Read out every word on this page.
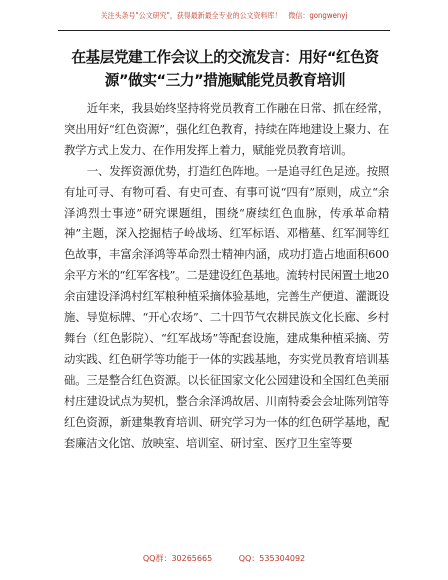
关注头条号"公文研究"，获得最新最全专业的公文资料库！　微信：gongwenyj
在基层党建工作会议上的交流发言：用好“红色资源”做实“三力”措施赋能党员教育培训

近年来，我县始终坚持将党员教育工作融在日常、抓在经常，突出用好“红色资源”，强化红色教育，持续在阵地建设上聚力、在教学方式上发力、在作用发挥上着力，赋能党员教育培训。

一、发挥资源优势，打造红色阵地。一是追寻红色足迹。按照有址可寻、有物可看、有史可查、有事可说“四有”原则，成立“余泽鸿烈士事迹”研究课题组，围绕“赓续红色血脉，传承革命精神”主题，深入挖掘桔子岭战场、红军标语、邓楷墓、红军洞等红色故事，丰富余泽鸿等革命烈士精神内涵，成功打造占地面积600余平方米的“红军客栈”。二是建设红色基地。流转村民闲置土地20余亩建设泽鸿村红军粮种植采摘体验基地，完善生产便道、灌溉设施、导览标牌、“开心农场”、二十四节气农耕民族文化长廊、乡村舞台（红色影院）、“红军战场”等配套设施，建成集种植采摘、劳动实践、红色研学等功能于一体的实践基地，夯实党员教育培训基础。三是整合红色资源。以长征国家文化公园建设和全国红色美丽村庄建设试点为契机，整合余泽鸿故居、川南特委会会址陈列馆等红色资源，新建集教育培训、研究学习为一体的红色研学基地，配套廉洁文化馆、放映室、培训室、研讨室、医疗卫生室等要

QQ群：30265665	QQ：535304092
